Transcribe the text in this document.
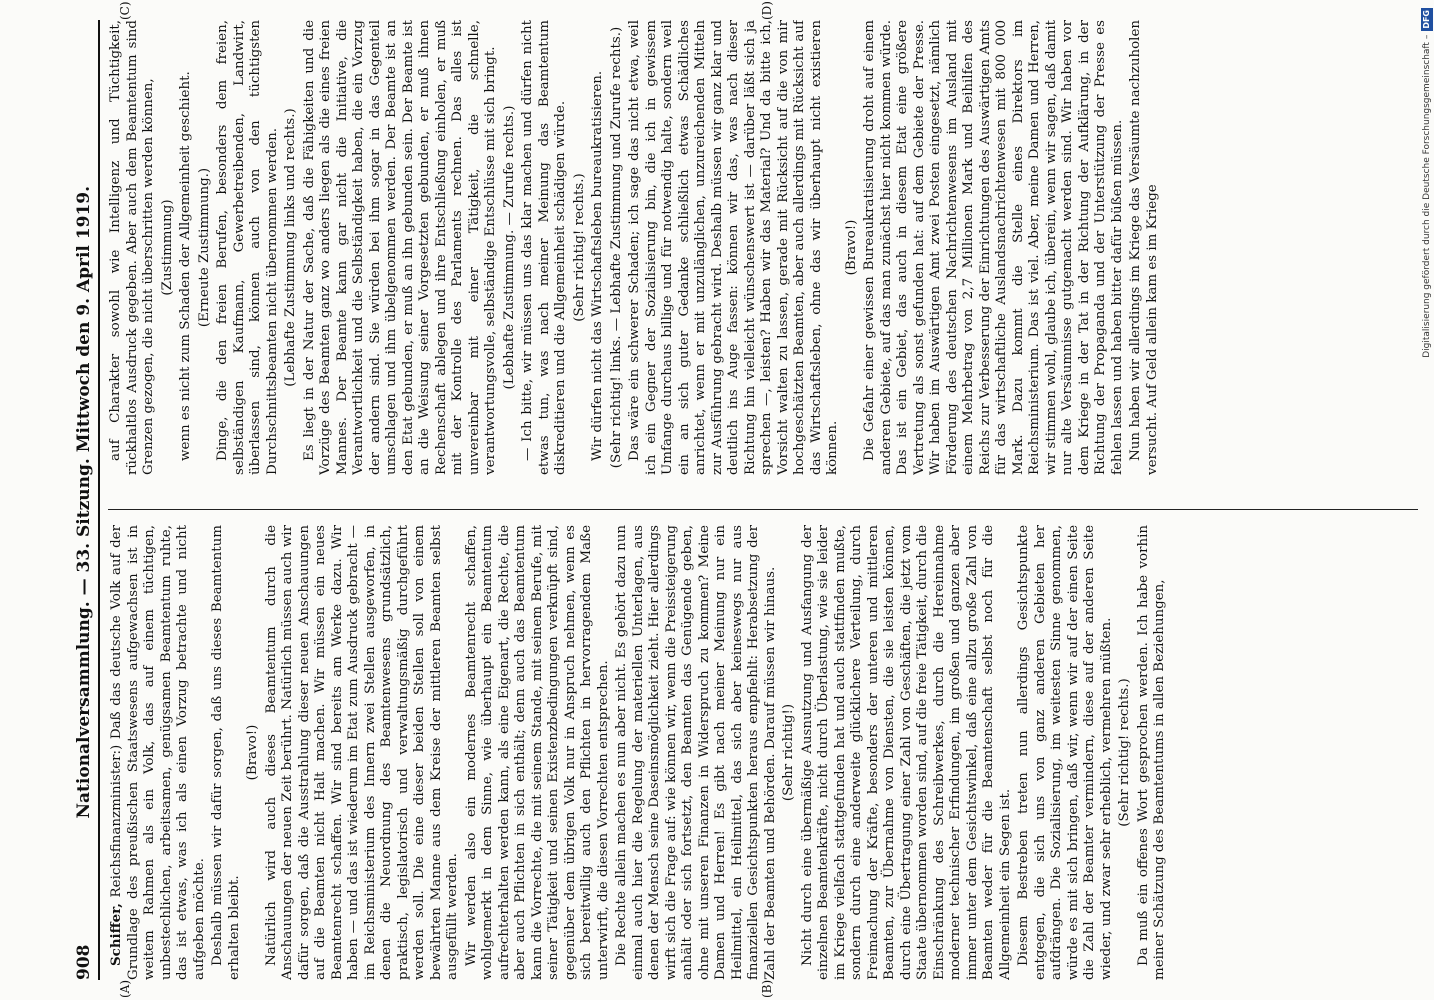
908
Nationalversammlung. — 33. Sitzung. Mittwoch den 9. April 1919.
(A)	(B)
(C)	(D)

Schiffer, Reichsfinanzminister:) Daß das deutsche Volk auf der Grundlage des preußischen Staatswesens aufgewachsen ist in weitem Rahmen als ein Volk, das auf einem tüchtigen, unbestechlichen, arbeitsamen, genügsamen Beamtentum ruhte, das ist etwas, was ich als einen Vorzug betrachte und nicht aufgeben möchte. Deshalb müssen wir dafür sorgen, daß uns dieses Beamtentum erhalten bleibt.

(Bravo!) Natürlich wird auch dieses Beamtentum durch die Anschauungen der neuen Zeit berührt. Natürlich müssen auch wir dafür sorgen, daß die Ausstrahlung dieser neuen Anschauungen auf die Beamten nicht Halt machen. Wir müssen ein neues Beamtenrecht schaffen. Wir sind bereits am Werke dazu. Wir haben — und das ist wiederum im Etat zum Ausdruck gebracht — im Reichsministerium des Innern zwei Stellen ausgeworfen, in denen die Neuordnung des Beamtenwesens grundsätzlich, praktisch, legislatorisch und verwaltungsmäßig durchgeführt werden soll. Die eine dieser beiden Stellen soll von einem bewährten Manne aus dem Kreise der mittleren Beamten selbst ausgefüllt werden. Wir werden also ein modernes Beamtenrecht schaffen, wohlgemerkt in dem Sinne, wie überhaupt ein Beamtentum aufrechterhalten werden kann, als eine Eigenart, die Rechte, die aber auch Pflichten in sich enthält; denn auch das Beamtentum kann die Vorrechte, die mit seinem Stande, mit seinem Berufe, mit seiner Tätigkeit und seinen Existenzbedingungen verknüpft sind, gegenüber dem übrigen Volk nur in Anspruch nehmen, wenn es sich bereitwillig auch den Pflichten in hervorragendem Maße unterwirft, die diesen Vorrechten entsprechen. Die Rechte allein machen es nun aber nicht. Es gehört dazu nun einmal auch hier die Regelung der materiellen Unterlagen, aus denen der Mensch seine Daseinsmöglichkeit zieht. Hier allerdings wirft sich die Frage auf: wie können wir, wenn die Preissteigerung anhält oder sich fortsetzt, den Beamten das Genügende geben, ohne mit unseren Finanzen in Widerspruch zu kommen? Meine Damen und Herren! Es gibt nach meiner Meinung nur ein Heilmittel, ein Heilmittel, das sich aber keineswegs nur aus finanziellen Gesichtspunkten heraus empfiehlt: Herabsetzung der Zahl der Beamten und Behörden. Darauf müssen wir hinaus. (Sehr richtig!) Nicht durch eine übermäßige Ausnutzung und Ausfangung der einzelnen Beamtenkräfte, nicht durch Überlastung, wie sie leider im Kriege vielfach stattgefunden hat und auch stattfinden mußte, sondern durch eine anderweite glücklichere Verteilung, durch Freimachung der Kräfte, besonders der unteren und mittleren Beamten, zur Übernahme von Diensten, die sie leisten können, durch eine Übertragung einer Zahl von Geschäften, die jetzt vom Staate übernommen worden sind, auf die freie Tätigkeit, durch die Einschränkung des Schreibwerkes, durch die Hereinnahme moderner technischer Erfindungen, im großen und ganzen aber immer unter dem Gesichtswinkel, daß eine allzu große Zahl von Beamten weder für die Beamtenschaft selbst noch für die Allgemeinheit ein Segen ist. Diesem Bestreben treten nun allerdings Gesichtspunkte entgegen, die sich uns von ganz anderen Gebieten her aufdrängen. Die Sozialisierung, im weitesten Sinne genommen, würde es mit sich bringen, daß wir, wenn wir auf der einen Seite die Zahl der Beamter vermindern, diese auf der anderen Seite wieder, und zwar sehr erheblich, vermehren müßten. (Sehr richtig! rechts.) Da muß ein offenes Wort gesprochen werden. Ich habe vorhin meiner Schätzung des Beamtentums in allen Beziehungen,

auf Charakter sowohl wie Intelligenz und Tüchtigkeit, rückhaltlos Ausdruck gegeben. Aber auch dem Beamtentum sind Grenzen gezogen, die nicht überschritten werden können, (Zustimmung) wenn es nicht zum Schaden der Allgemeinheit geschieht. (Erneute Zustimmung.) Dinge, die den freien Berufen, besonders dem freien, selbständigen Kaufmann, Gewerbetreibenden, Landwirt, überlassen sind, können auch von den tüchtigsten Durchschnittsbeamten nicht übernommen werden. (Lebhafte Zustimmung links und rechts.) Es liegt in der Natur der Sache, daß die Fähigkeiten und die Vorzüge des Beamten ganz wo anders liegen als die eines freien Mannes. Der Beamte kann gar nicht die Initiative, die Verantwortlichkeit und die Selbständigkeit haben, die ein Vorzug der andern sind. Sie würden bei ihm sogar in das Gegenteil umschlagen und ihm übelgenommen werden. Der Beamte ist an den Etat gebunden, er muß an ihn gebunden sein. Der Beamte ist an die Weisung seiner Vorgesetzten gebunden, er muß ihnen Rechenschaft ablegen und ihre Entschließung einholen, er muß mit der Kontrolle des Parlaments rechnen. Das alles ist unvereinbar mit einer Tätigkeit, die schnelle, verantwortungsvolle, selbständige Entschlüsse mit sich bringt. (Lebhafte Zustimmung. — Zurufe rechts.) — Ich bitte, wir müssen uns das klar machen und dürfen nicht etwas tun, was nach meiner Meinung das Beamtentum diskreditieren und die Allgemeinheit schädigen würde. (Sehr richtig! rechts.) Wir dürfen nicht das Wirtschaftsleben bureaukratisieren. (Sehr richtig! links. — Lebhafte Zustimmung und Zurufe rechts.) Das wäre ein schwerer Schaden; ich sage das nicht etwa, weil ich ein Gegner der Sozialisierung bin, die ich in gewissem Umfange durchaus billige und für notwendig halte, sondern weil ein an sich guter Gedanke schließlich etwas Schädliches anrichtet, wenn er mit unzulänglichen, unzureichenden Mitteln zur Ausführung gebracht wird. Deshalb müssen wir ganz klar und deutlich ins Auge fassen: können wir das, was nach dieser Richtung hin vielleicht wünschenswert ist — darüber läßt sich ja sprechen —, leisten? Haben wir das Material? Und da bitte ich, Vorsicht walten zu lassen, gerade mit Rücksicht auf die von mir hochgeschätzten Beamten, aber auch allerdings mit Rücksicht auf das Wirtschaftsleben, ohne das wir überhaupt nicht existieren können.

(Bravo!) Die Gefahr einer gewissen Bureaukratisierung droht auf einem anderen Gebiete, auf das man zunächst hier nicht kommen würde. Das ist ein Gebiet, das auch in diesem Etat eine größere Vertretung als sonst gefunden hat: auf dem Gebiete der Presse. Wir haben im Auswärtigen Amt zwei Posten eingesetzt, nämlich Förderung des deutschen Nachrichtenwesens im Ausland mit einem Mehrbetrag von 2,7 Millionen Mark und Beihilfen des Reichs zur Verbesserung der Einrichtungen des Auswärtigen Amts für das wirtschaftliche Auslandsnachrichtenwesen mit 800 000 Mark. Dazu kommt die Stelle eines Direktors im Reichsministerium. Das ist viel. Aber, meine Damen und Herren, wir stimmen wohl, glaube ich, überein, wenn wir sagen, daß damit nur alte Versäumnisse gutgemacht werden sind. Wir haben vor dem Kriege in der Tat in der Richtung der Aufklärung, in der Richtung der Propaganda und der Unterstützung der Presse es fehlen lassen und haben bitter dafür büßen müssen. Nun haben wir allerdings im Kriege das Versäumte nachzuholen versucht. Auf Geld allein kam es im Kriege	Digitalisierung gefördert durch die Deutsche Forschungsgemeinschaft –
DFG
